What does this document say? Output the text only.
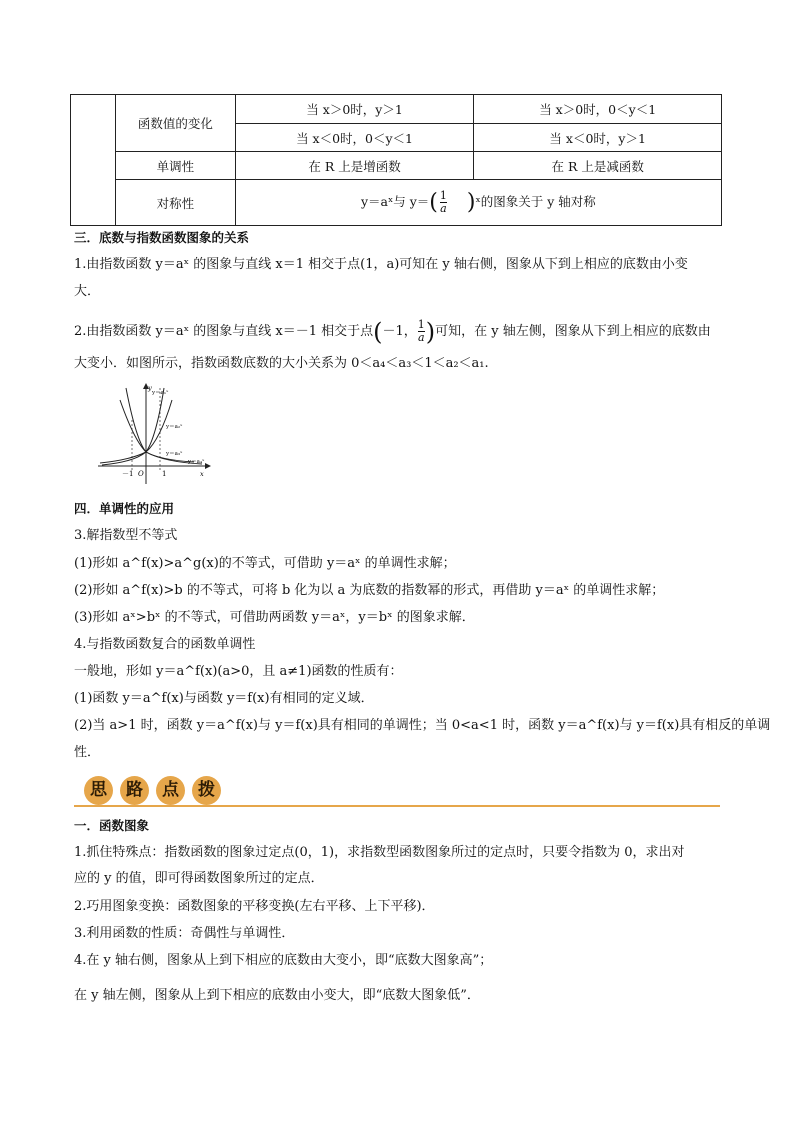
	函数值的变化	当 x＞0时，y＞1	当 x＞0时，0＜y＜1
		当 x＜0时，0＜y＜1	当 x＜0时，y＞1
	单调性	在 R 上是增函数	在 R 上是减函数
	对称性	y＝aˣ与 $y=( \frac{1}{a}$ )ˣ的图象关于 y 轴对称	
三．底数与指数函数图象的关系
1.由指数函数 y＝aˣ 的图象与直线 x＝1 相交于点(1，a)可知在 y 轴右侧，图象从下到上相应的底数由小变
大．
2.由指数函数 y＝aˣ 的图象与直线 x＝－1 相交于点(－1， $\frac{1}{a}$ )可知，在 y 轴左侧，图象从下到上相应的底数由
大变小．如图所示，指数函数底数的大小关系为 0＜a₄＜a₃＜1＜a₂＜a₁.
y
x
O
－1	1
y＝a₁ˣ
y＝a₂ˣ
y＝a₃ˣ
y＝a₄ˣ
四．单调性的应用
3.解指数型不等式
(1)形如 a^f(x)>a^g(x)的不等式，可借助 y＝aˣ 的单调性求解；
(2)形如 a^f(x)>b 的不等式，可将 b 化为以 a 为底数的指数幂的形式，再借助 y＝aˣ 的单调性求解；
(3)形如 aˣ>bˣ 的不等式，可借助两函数 y＝aˣ，y＝bˣ 的图象求解．
4.与指数函数复合的函数单调性
一般地，形如 y＝a^f(x)(a>0，且 a≠1)函数的性质有：
(1)函数 y＝a^f(x)与函数 y＝f(x)有相同的定义域．
(2)当 a>1 时，函数 y＝a^f(x)与 y＝f(x)具有相同的单调性；当 0<a<1 时，函数 y＝a^f(x)与 y＝f(x)具有相反的单调
性．
思	路	点	拨
一．函数图象
1.抓住特殊点：指数函数的图象过定点(0，1)，求指数型函数图象所过的定点时，只要令指数为 0，求出对
应的 y 的值，即可得函数图象所过的定点．
2.巧用图象变换：函数图象的平移变换(左右平移、上下平移)．
3.利用函数的性质：奇偶性与单调性．
4.在 y 轴右侧，图象从上到下相应的底数由大变小，即“底数大图象高”；
在 y 轴左侧，图象从上到下相应的底数由小变大，即“底数大图象低”．
